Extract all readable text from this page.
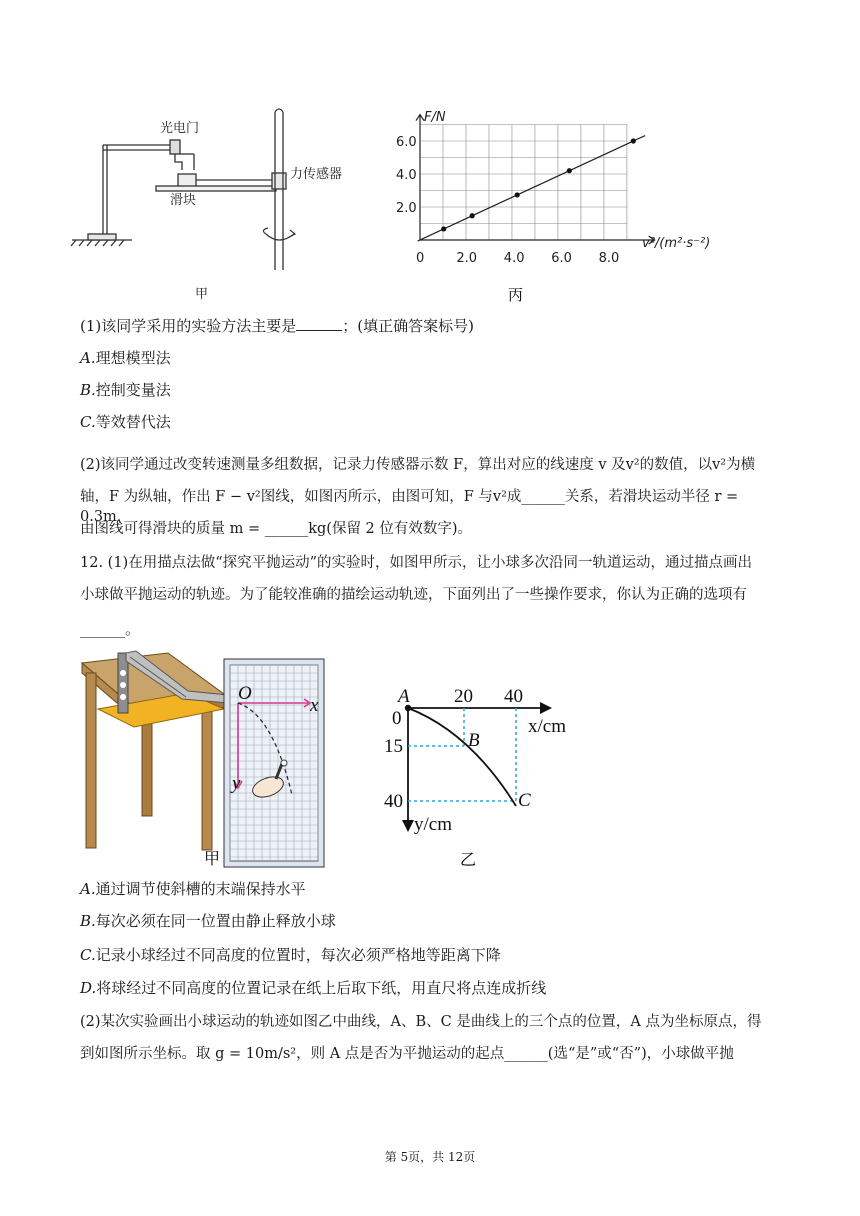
光电门
滑块
力传感器
甲
6.0
4.0
2.0
0 2.0 4.0 6.0 8.0
F/N
v²/(m²·s⁻²)
丙

(1)该同学采用的实验方法主要是	；(填正确答案标号)

A.理想模型法

B.控制变量法

C.等效替代法

(2)该同学通过改变转速测量多组数据，记录力传感器示数 F，算出对应的线速度 v 及v²的数值，以v²为横

轴，F 为纵轴，作出 F − v²图线，如图丙所示，由图可知，F 与v²成______关系，若滑块运动半径 r = 0.3m，

由图线可得滑块的质量 m = ______kg(保留 2 位有效数字)。

12. (1)在用描点法做“探究平抛运动”的实验时，如图甲所示，让小球多次沿同一轨道运动，通过描点画出

小球做平抛运动的轨迹。为了能较准确的描绘运动轨迹，下面列出了一些操作要求，你认为正确的选项有

______。

O
x
y
甲
A
B
C
20 40
0
15
40
x/cm
y/cm
乙

A.通过调节使斜槽的末端保持水平

B.每次必须在同一位置由静止释放小球

C.记录小球经过不同高度的位置时，每次必须严格地等距离下降

D.将球经过不同高度的位置记录在纸上后取下纸，用直尺将点连成折线

(2)某次实验画出小球运动的轨迹如图乙中曲线，A、B、C 是曲线上的三个点的位置，A 点为坐标原点，得

到如图所示坐标。取 g = 10m/s²，则 A 点是否为平抛运动的起点______(选“是”或“否”)，小球做平抛

第 5页，共 12页
